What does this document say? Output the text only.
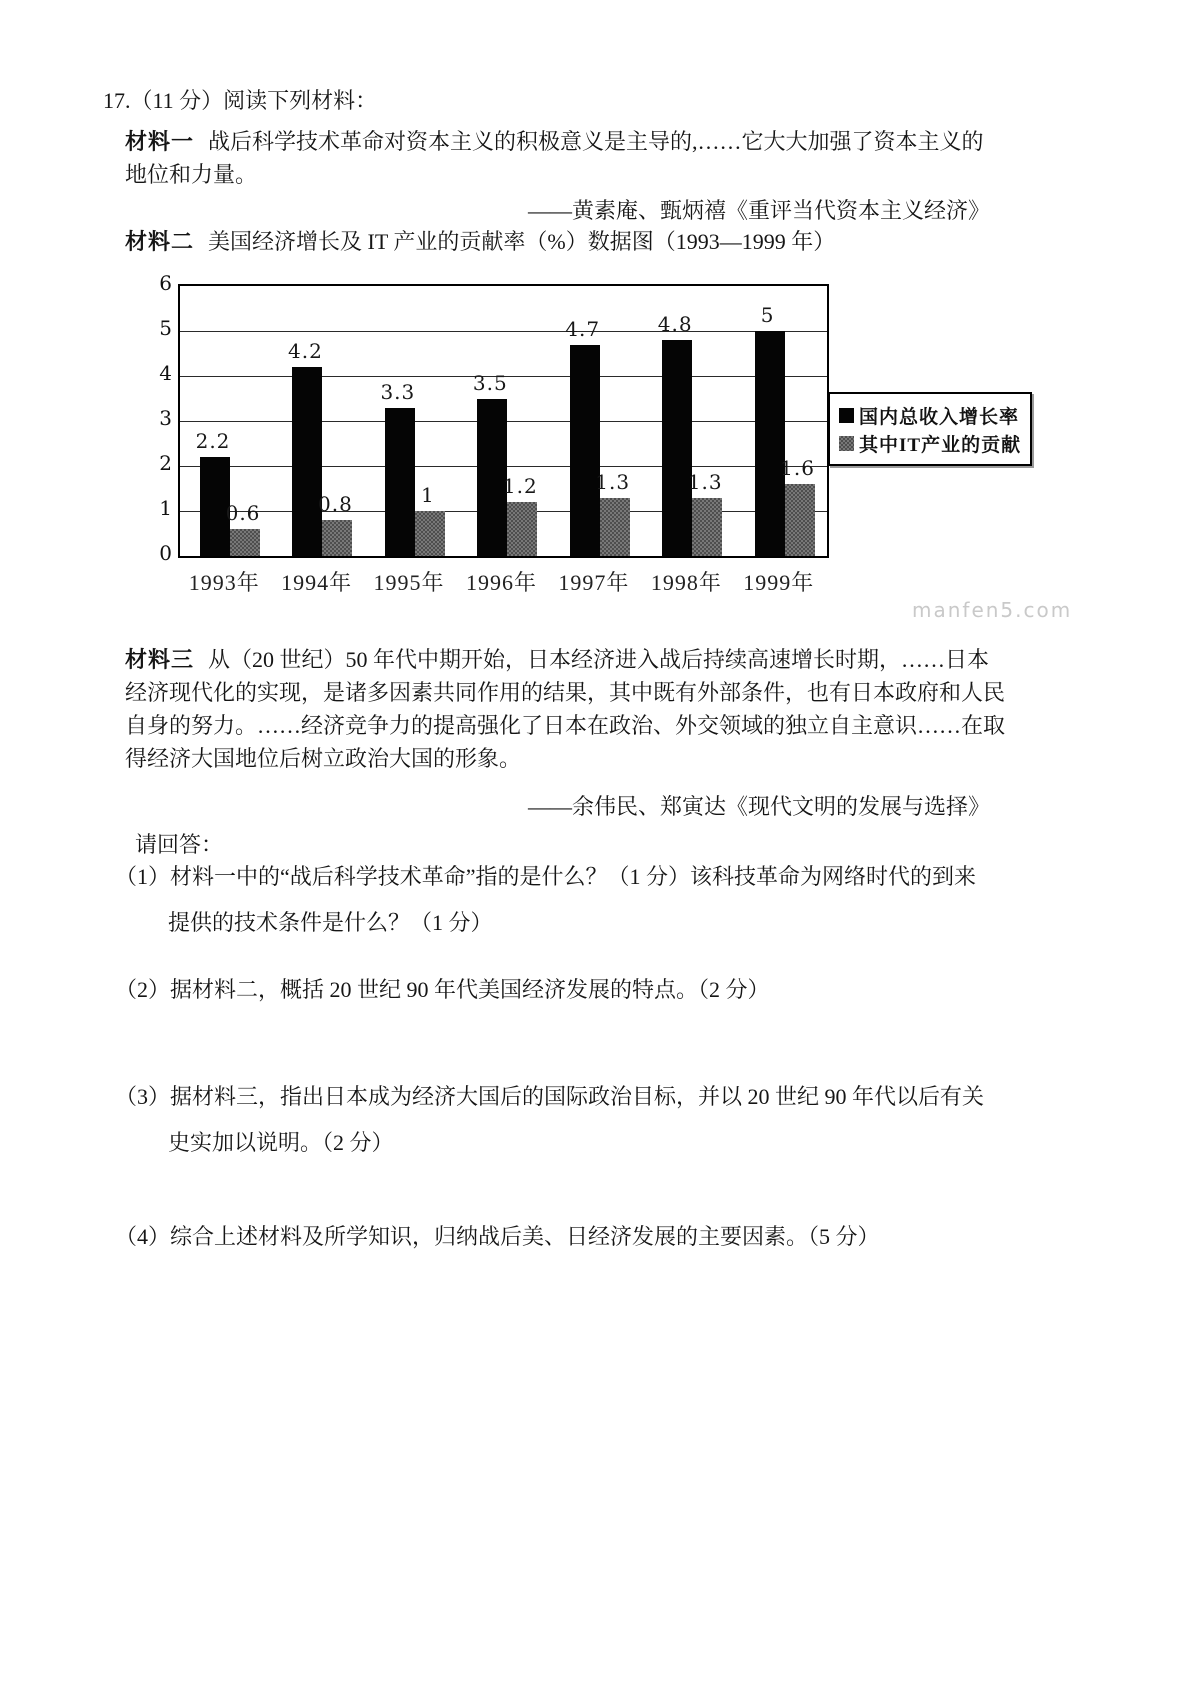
17.（11 分）阅读下列材料：
材料一 战后科学技术革命对资本主义的积极意义是主导的,……它大大加强了资本主义的
地位和力量。
——黄素庵、甄炳禧《重评当代资本主义经济》
材料二 美国经济增长及 IT 产业的贡献率（%）数据图（1993—1999 年）
国内总收入增长率
其中IT产业的贡献
manfen5.com
0
1
2
3
4
5
6
2.2
0.6
1993年
4.2
0.8
1994年
3.3
1
1995年
3.5
1.2
1996年
4.7
1.3
1997年
4.8
1.3
1998年
5
1.6
1999年
材料三 从（20 世纪）50 年代中期开始，日本经济进入战后持续高速增长时期，……日本
经济现代化的实现，是诸多因素共同作用的结果，其中既有外部条件，也有日本政府和人民
自身的努力。……经济竞争力的提高强化了日本在政治、外交领域的独立自主意识……在取
得经济大国地位后树立政治大国的形象。
——余伟民、郑寅达《现代文明的发展与选择》
请回答：
（1）材料一中的“战后科学技术革命”指的是什么？（1 分）该科技革命为网络时代的到来
提供的技术条件是什么？（1 分）
（2）据材料二，概括 20 世纪 90 年代美国经济发展的特点。（2 分）
（3）据材料三，指出日本成为经济大国后的国际政治目标，并以 20 世纪 90 年代以后有关
史实加以说明。（2 分）
（4）综合上述材料及所学知识，归纳战后美、日经济发展的主要因素。（5 分）
